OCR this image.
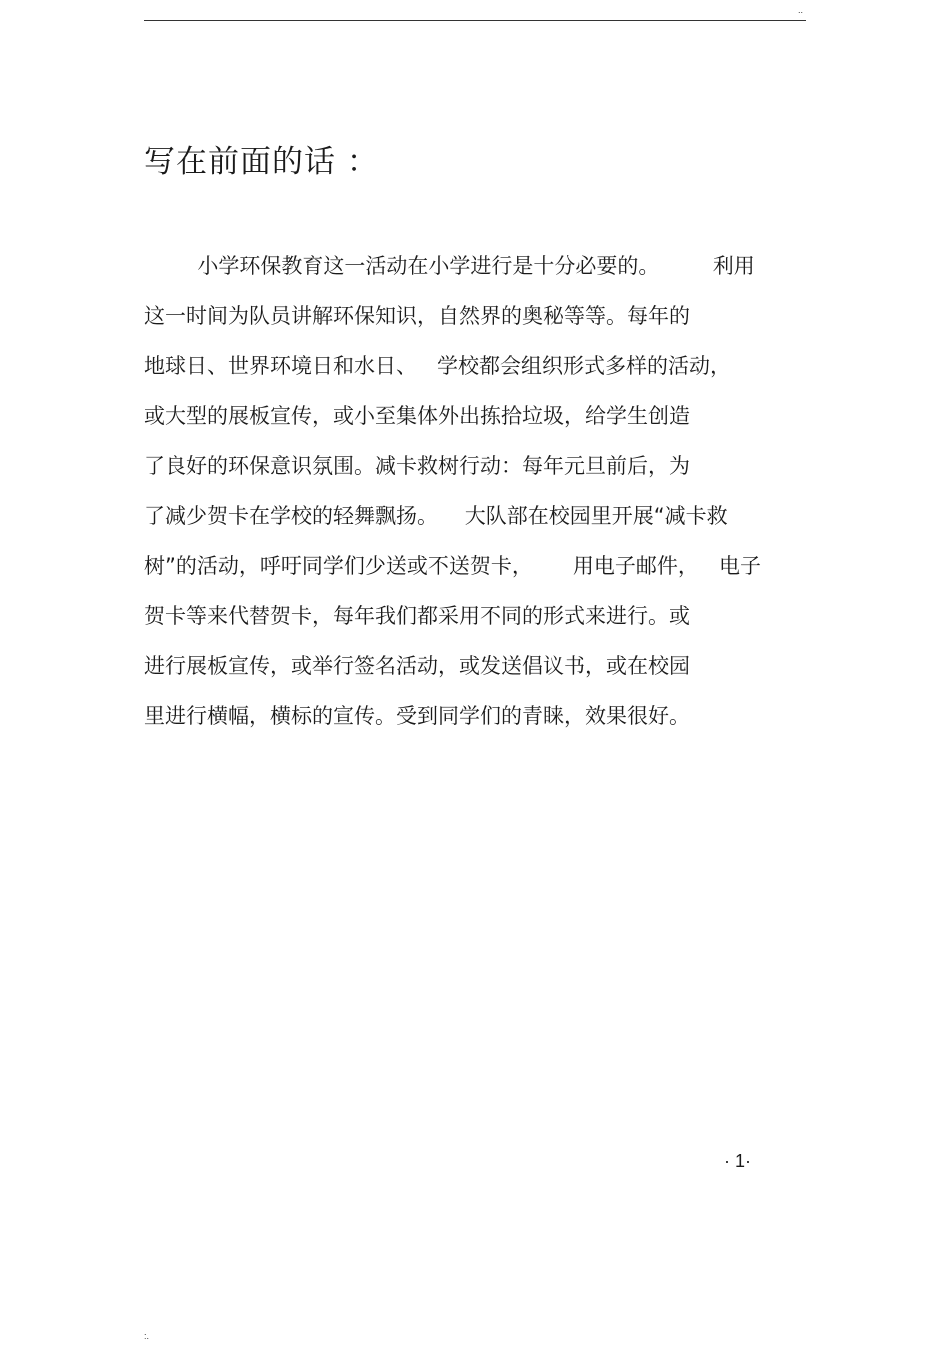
..
写在前面的话 ：
小学环保教育这一活动在小学进行是十分必要的。        利用
这一时间为队员讲解环保知识，自然界的奥秘等等。每年的
地球日、世界环境日和水日、   学校都会组织形式多样的活动，
或大型的展板宣传，或小至集体外出拣拾垃圾，给学生创造
了良好的环保意识氛围。减卡救树行动：每年元旦前后，为
了减少贺卡在学校的轻舞飘扬。    大队部在校园里开展“减卡救
树”的活动，呼吁同学们少送或不送贺卡，      用电子邮件，   电子
贺卡等来代替贺卡，每年我们都采用不同的形式来进行。或
进行展板宣传，或举行签名活动，或发送倡议书，或在校园
里进行横幅，横标的宣传。受到同学们的青睐，效果很好。
· 1·
:.
